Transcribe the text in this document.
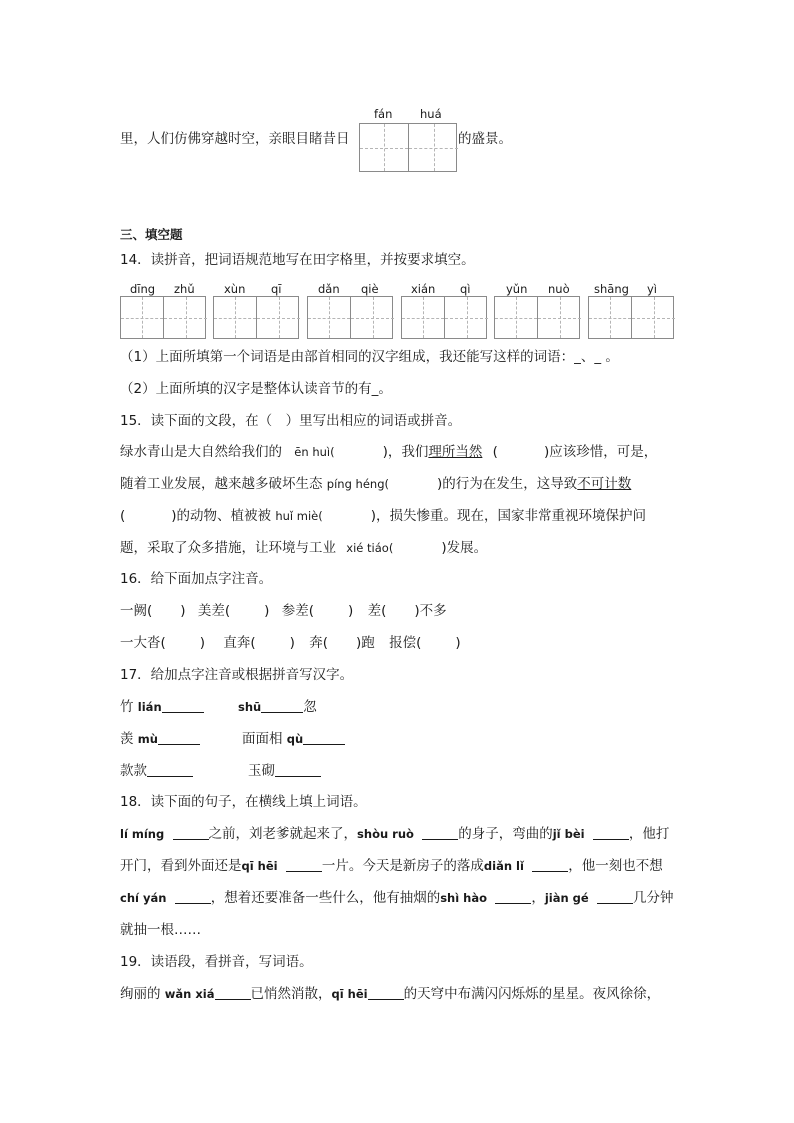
fán huá
里，人们仿佛穿越时空，亲眼目睹昔日	的盛景。
三、填空题
14．读拼音，把词语规范地写在田字格里，并按要求填空。
dīng zhǔ	xùn qī	dǎn qiè	xián qì	yǔn nuò shāng yì
（1）上面所填第一个词语是由部首相同的汉字组成，我还能写这样的词语：_、_ 。
（2）上面所填的汉字是整体认读音节的有_。
15．读下面的文段，在（　）里写出相应的词语或拼音。
绿水青山是大自然给我们的 ēn huì(	)，我们理所当然 (	)应该珍惜，可是，
随着工业发展，越来越多破坏生态 píng héng(	)的行为在发生，这导致不可计数
(	)的动物、植被被 huǐ miè(	)，损失惨重。现在，国家非常重视环境保护问
题，采取了众多措施，让环境与工业 xié tiáo(	)发展。
16．给下面加点字注音。
一阙( ) 美差(	) 参差(	) 差( )不多
一大沓(	) 直奔(	) 奔( )跑 报偿(	)
17．给加点字注音或根据拼音写汉字。
竹 lián	shū	忽
羡 mù	面面相 qù
款款	玉砌
18．读下面的句子，在横线上填上词语。
lí míng	之前，刘老爹就起来了，shòu ruò	的身子，弯曲的jǐ bèi	，他打
开门，看到外面还是qī hēi	一片。今天是新房子的落成diǎn lǐ	，他一刻也不想
chí yán	，想着还要准备一些什么，他有抽烟的shì hào	，jiàn gé	几分钟
就抽一根……
19．读语段，看拼音，写词语。
绚丽的 wǎn xiá	已悄然消散，qī hēi	的天穹中布满闪闪烁烁的星星。夜风徐徐，
